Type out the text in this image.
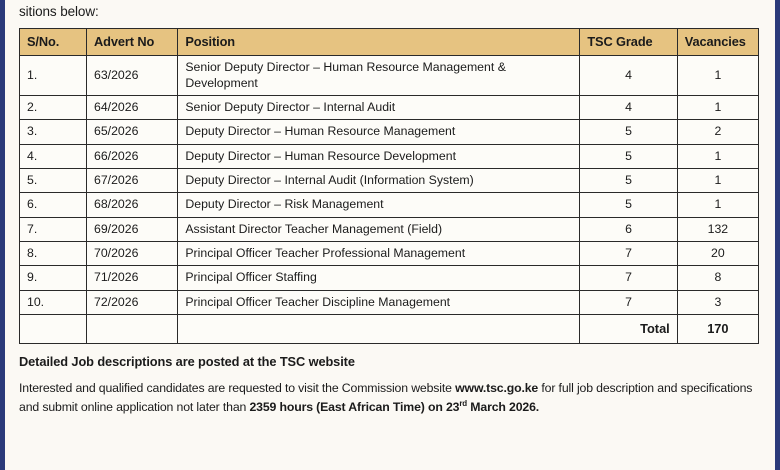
sitions below:
S/No.	Advert No	Position	TSC Grade	Vacancies
1.	63/2026	Senior Deputy Director – Human Resource Management & Development	4	1
2.	64/2026	Senior Deputy Director – Internal Audit	4	1
3.	65/2026	Deputy Director – Human Resource Management	5	2
4.	66/2026	Deputy Director – Human Resource Development	5	1
5.	67/2026	Deputy Director – Internal Audit (Information System)	5	1
6.	68/2026	Deputy Director – Risk Management	5	1
7.	69/2026	Assistant Director Teacher Management (Field)	6	132
8.	70/2026	Principal Officer Teacher Professional Management	7	20
9.	71/2026	Principal Officer Staffing	7	8
10.	72/2026	Principal Officer Teacher Discipline Management	7	3
			Total	170
Detailed Job descriptions are posted at the TSC website
Interested and qualified candidates are requested to visit the Commission website www.tsc.go.ke for full job description and specifications and submit online application not later than 2359 hours (East African Time) on 23rd March 2026.
